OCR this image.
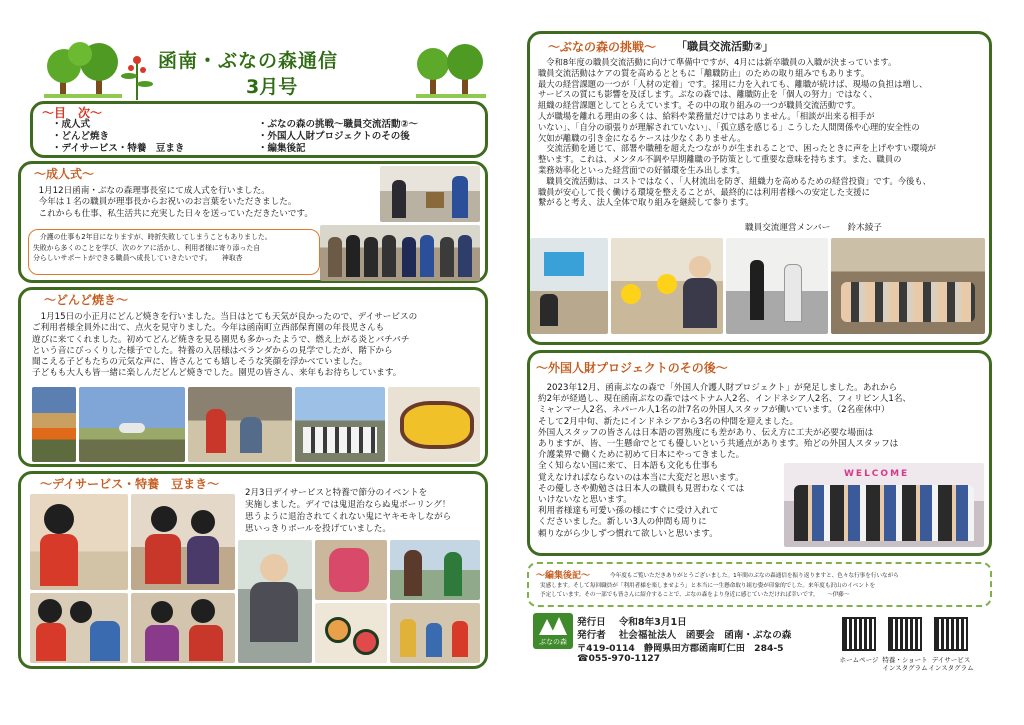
函南・ぶなの森通信
3月号
～目　次～
・成人式
・どんど焼き
・デイサービス・特養　豆まき
・ぶなの森の挑戦～職員交流活動②～
・外国人人財プロジェクトのその後
・編集後記
～成人式～
　1月12日函南・ぶなの森理事長室にて成人式を行いました。
　今年は１名の職員が理事長からお祝いのお言葉をいただきました。
　これからも仕事、私生活共に充実した日々を送っていただきたいです。
　介護の仕事も2年目になりますが、時折失敗してしまうこともありました。
失敗から多くのことを学び、次のケアに活かし、利用者様に寄り添った自
分らしいサポートができる職員へ成長していきたいです。　　神取杏
～どんど焼き～
　1月15日の小正月にどんど焼きを行いました。当日はとても天気が良かったので、デイサービスの
ご利用者様全員外に出て、点火を見守りました。今年は函南町立西部保育園の年長児さんも
遊びに来てくれました。初めてどんど焼きを見る園児も多かったようで、燃え上がる炎とバチバチ
という音にびっくりした様子でした。特養の入居様はベランダからの見学でしたが、階下から
聞こえる子どもたちの元気な声に、皆さんとても嬉しそうな笑顔を浮かべていました。
子どもも大人も皆一緒に楽しんだどんど焼きでした。園児の皆さん、来年もお待ちしています。
～デイサービス・特養　豆まき～
2月3日デイサービスと特養で節分のイベントを
実施しました。デイでは鬼退治ならぬ鬼ボーリング！
思うように退治されてくれない鬼にヤキモキしながら
思いっきりボールを投げていました。
～ぶなの森の挑戦～ 「職員交流活動②」
　令和8年度の職員交流活動に向けて準備中ですが、4月には新卒職員の入職が決まっています。
職員交流活動はケアの質を高めるとともに「離職防止」のための取り組みでもあります。
最大の経営課題の一つが「人材の定着」です。採用に力を入れても、離職が続けば、現場の負担は増し、
サービスの質にも影響を及ぼします。ぶなの森では、離職防止を「個人の努力」ではなく、
組織の経営課題としてとらえています。その中の取り組みの一つが職員交流活動です。
人が職場を離れる理由の多くは、給料や業務量だけではありません。「相談が出来る相手が
いない」、「自分の頑張りが理解されていない」、「孤立感を感じる」こうした人間関係や心理的安全性の
欠如が離職の引き金になるケースは少なくありません。
　交流活動を通じて、部署や職種を超えたつながりが生まれることで、困ったときに声を上げやすい環境が
整います。これは、メンタル不調や早期離職の予防策として重要な意味を持ちます。また、職員の
業務効率化といった経営面での好循環を生み出します。
　職員交流活動は、コストではなく、「人材流出を防ぎ、組織力を高めるための経営投資」です。今後も、
職員が安心して長く働ける環境を整えることが、最終的には利用者様への安定した支援に
繋がると考え、法人全体で取り組みを継続して参ります。
職員交流運営メンバー　　鈴木綾子
～外国人財プロジェクトのその後～
　2023年12月、函南ぶなの森で「外国人介護人財プロジェクト」が発足しました。あれから
約2年が経過し、現在函南ぶなの森ではベトナム人2名、インドネシア人2名、フィリピン人1名、
ミャンマー人2名、ネパール人1名の計7名の外国人スタッフが働いています。（2名産休中）
そして2月中旬、新たにインドネシアから3名の仲間を迎えました。
外国人スタッフの皆さんは日本語の習熟度にも差があり、伝え方に工夫が必要な場面は
ありますが、皆、一生懸命でとても優しいという共通点があります。殆どの外国人スタッフは
介護業界で働くために初めて日本にやってきました。
全く知らない国に来て、日本語も文化も仕事も
覚えなければならないのは本当に大変だと思います。
その優しさや勤勉さは日本人の職員も見習わなくては
いけないなと思います。
利用者様達も可愛い孫の様にすぐに受け入れて
くださいました。新しい3人の仲間も周りに
頼りながら少しずつ慣れて欲しいと思います。
WELCOME
～編集後記～	今年度もご覧いただきありがとうございました。1年間のぶなの森通信を振り返りますと、色々な行事を行いながら
実感します。そして毎回職員が「利用者様を楽しませよう」と本当に一生懸命取り組む姿が印象的でした。来年度も沢山のイベントを
予定しています。その一部でも皆さんに紹介することで、ぶなの森をより身近に感じていただければ幸いです。　　～伊藤～
ぶなの森
発行日　 令和8年3月1日
発行者　 社会福祉法人　函要会　函南・ぶなの森
〒419-0114　静岡県田方郡函南町仁田　284-5
☎055-970-1127	ホームページ 特養・ショート
インスタグラム
デイサービス
インスタグラム
